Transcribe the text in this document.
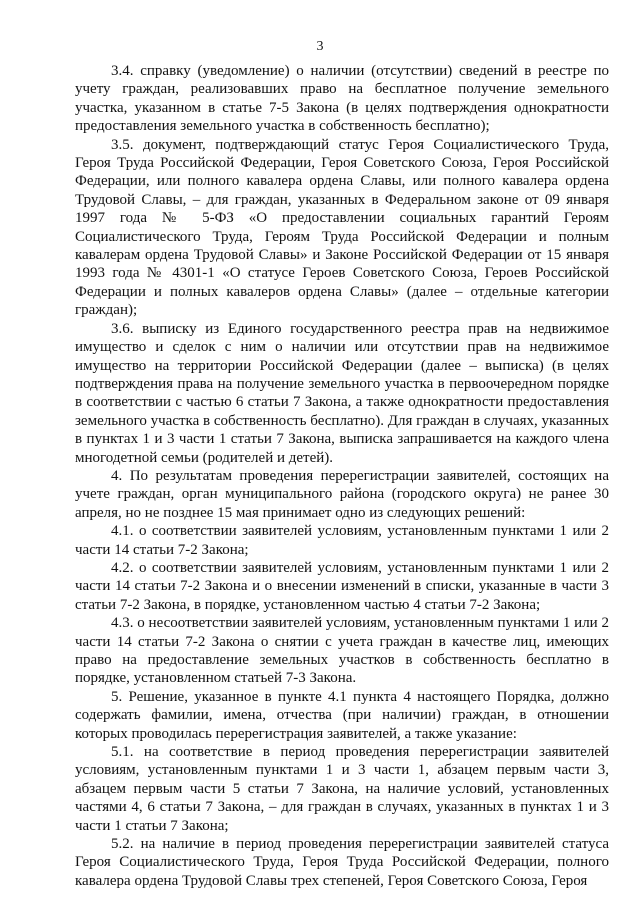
3

3.4. справку (уведомление) о наличии (отсутствии) сведений в реестре по учету граждан, реализовавших право на бесплатное получение земельного участка, указанном в статье 7-5 Закона (в целях подтверждения однократности предоставления земельного участка в собственность бесплатно);

3.5. документ, подтверждающий статус Героя Социалистического Труда, Героя Труда Российской Федерации, Героя Советского Союза, Героя Российской Федерации, или полного кавалера ордена Славы, или полного кавалера ордена Трудовой Славы, – для граждан, указанных в Федеральном законе от 09 января 1997 года № 5-ФЗ «О предоставлении социальных гарантий Героям Социалистического Труда, Героям Труда Российской Федерации и полным кавалерам ордена Трудовой Славы» и Законе Российской Федерации от 15 января 1993 года № 4301-1 «О статусе Героев Советского Союза, Героев Российской Федерации и полных кавалеров ордена Славы» (далее – отдельные категории граждан);

3.6. выписку из Единого государственного реестра прав на недвижимое имущество и сделок с ним о наличии или отсутствии прав на недвижимое имущество на территории Российской Федерации (далее – выписка) (в целях подтверждения права на получение земельного участка в первоочередном порядке в соответствии с частью 6 статьи 7 Закона, а также однократности предоставления земельного участка в собственность бесплатно). Для граждан в случаях, указанных в пунктах 1 и 3 части 1 статьи 7 Закона, выписка запрашивается на каждого члена многодетной семьи (родителей и детей).

4. По результатам проведения перерегистрации заявителей, состоящих на учете граждан, орган муниципального района (городского округа) не ранее 30 апреля, но не позднее 15 мая принимает одно из следующих решений:

4.1. о соответствии заявителей условиям, установленным пунктами 1 или 2 части 14 статьи 7-2 Закона;

4.2. о соответствии заявителей условиям, установленным пунктами 1 или 2 части 14 статьи 7-2 Закона и о внесении изменений в списки, указанные в части 3 статьи 7-2 Закона, в порядке, установленном частью 4 статьи 7-2 Закона;

4.3. о несоответствии заявителей условиям, установленным пунктами 1 или 2 части 14 статьи 7-2 Закона о снятии с учета граждан в качестве лиц, имеющих право на предоставление земельных участков в собственность бесплатно в порядке, установленном статьей 7-3 Закона.

5. Решение, указанное в пункте 4.1 пункта 4 настоящего Порядка, должно содержать фамилии, имена, отчества (при наличии) граждан, в отношении которых проводилась перерегистрация заявителей, а также указание:

5.1. на соответствие в период проведения перерегистрации заявителей условиям, установленным пунктами 1 и 3 части 1, абзацем первым части 3, абзацем первым части 5 статьи 7 Закона, на наличие условий, установленных частями 4, 6 статьи 7 Закона, – для граждан в случаях, указанных в пунктах 1 и 3 части 1 статьи 7 Закона;

5.2. на наличие в период проведения перерегистрации заявителей статуса Героя Социалистического Труда, Героя Труда Российской Федерации, полного кавалера ордена Трудовой Славы трех степеней, Героя Советского Союза, Героя
